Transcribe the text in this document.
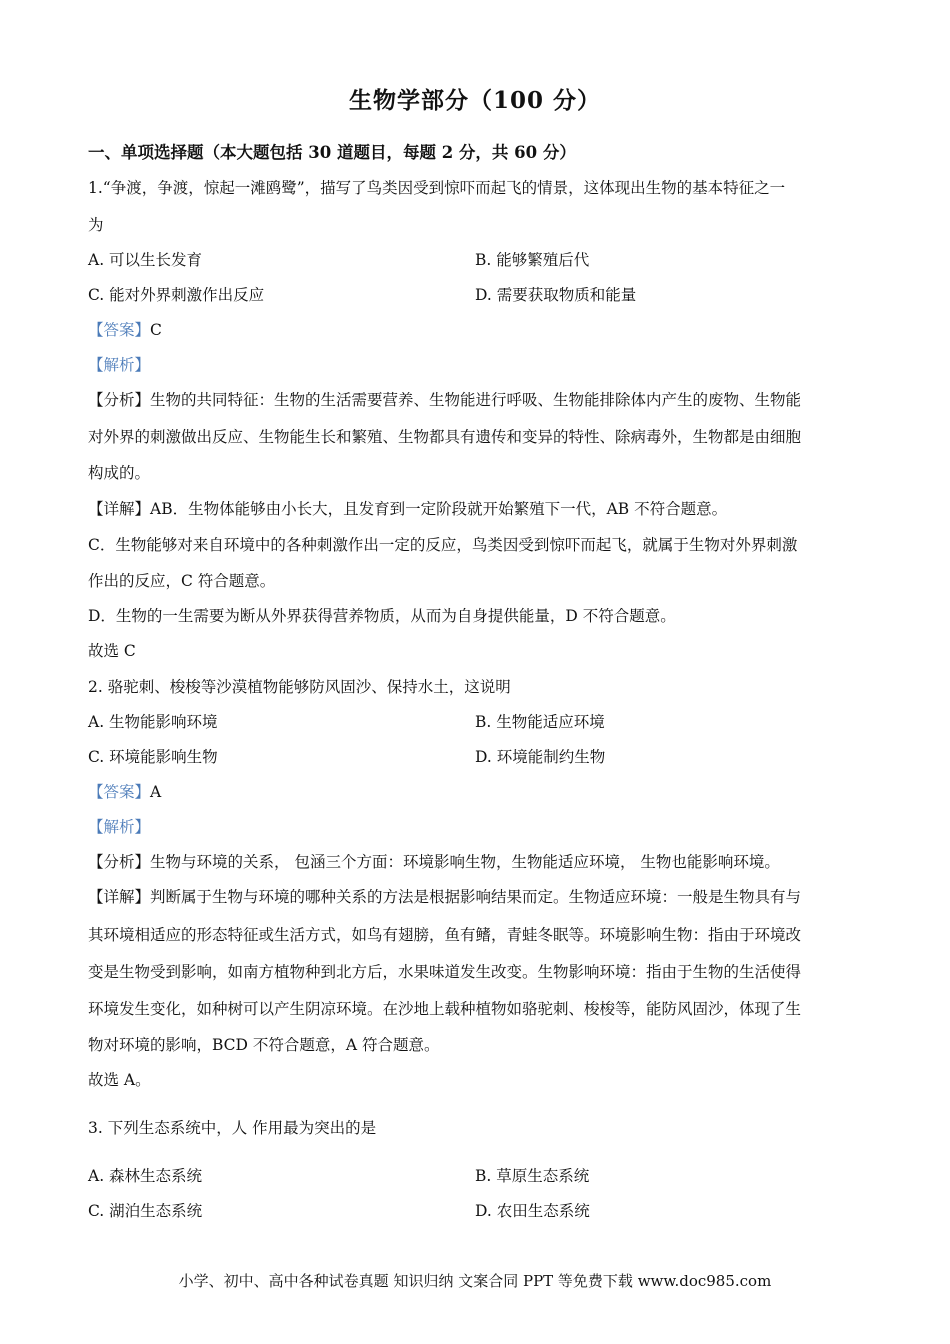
生物学部分（100 分）
一、单项选择题（本大题包括 30 道题目，每题 2 分，共 60 分）
1.“争渡，争渡，惊起一滩鸥鹭”，描写了鸟类因受到惊吓而起飞的情景，这体现出生物的基本特征之一
为
A. 可以生长发育	B. 能够繁殖后代
C. 能对外界刺激作出反应	D. 需要获取物质和能量
【答案】C
【解析】
【分析】生物的共同特征：生物的生活需要营养、生物能进行呼吸、生物能排除体内产生的废物、生物能
对外界的刺激做出反应、生物能生长和繁殖、生物都具有遗传和变异的特性、除病毒外，生物都是由细胞
构成的。
【详解】AB．生物体能够由小长大，且发育到一定阶段就开始繁殖下一代，AB 不符合题意。
C．生物能够对来自环境中的各种刺激作出一定的反应，鸟类因受到惊吓而起飞，就属于生物对外界刺激
作出的反应，C 符合题意。
D．生物的一生需要为断从外界获得营养物质，从而为自身提供能量，D 不符合题意。
故选 C
2. 骆驼刺、梭梭等沙漠植物能够防风固沙、保持水土，这说明
A. 生物能影响环境	B. 生物能适应环境
C. 环境能影响生物	D. 环境能制约生物
【答案】A
【解析】
【分析】生物与环境的关系， 包涵三个方面：环境影响生物，生物能适应环境， 生物也能影响环境。
【详解】判断属于生物与环境的哪种关系的方法是根据影响结果而定。生物适应环境：一般是生物具有与
其环境相适应的形态特征或生活方式，如鸟有翅膀，鱼有鳍，青蛙冬眠等。环境影响生物：指由于环境改
变是生物受到影响，如南方植物种到北方后，水果味道发生改变。生物影响环境：指由于生物的生活使得
环境发生变化，如种树可以产生阴凉环境。在沙地上载种植物如骆驼刺、梭梭等，能防风固沙，体现了生
物对环境的影响，BCD 不符合题意，A 符合题意。
故选 A。
3. 下列生态系统中，人 作用最为突出的是
A. 森林生态系统	B. 草原生态系统
C. 湖泊生态系统	D. 农田生态系统
小学、初中、高中各种试卷真题 知识归纳 文案合同 PPT 等免费下载 www.doc985.com
